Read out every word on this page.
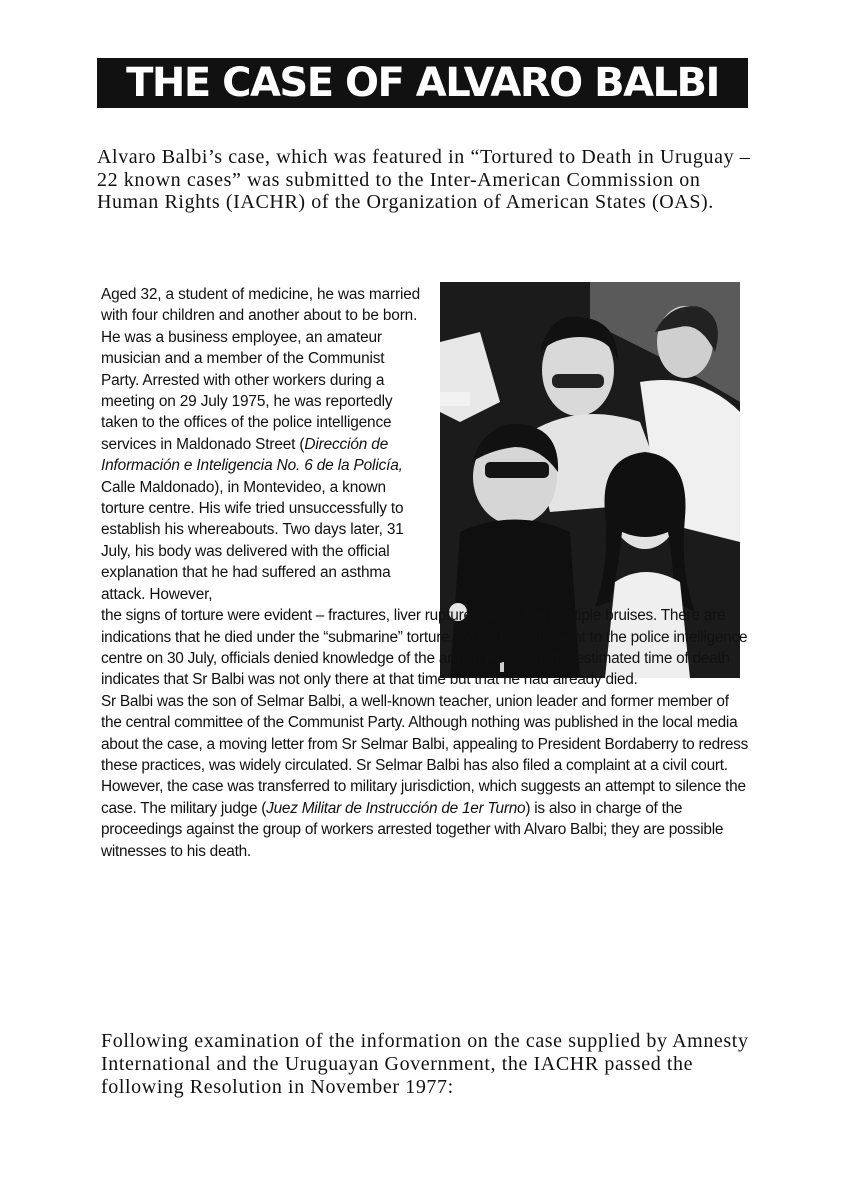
THE CASE OF ALVARO BALBI
Alvaro Balbi’s case, which was featured in “Tortured to Death in Uruguay – 22 known cases” was submitted to the Inter-American Commission on Human Rights (IACHR) of the Organization of American States (OAS).

Aged 32, a student of medicine, he was married with four children and another about to be born. He was a business employee, an amateur musician and a member of the Communist Party. Arrested with other workers during a meeting on 29 July 1975, he was reportedly taken to the offices of the police intelligence services in Maldonado Street (Dirección de Información e Inteligencia No. 6 de la Policía, Calle Maldonado), in Montevideo, a known torture centre. His wife tried unsuccessfully to establish his whereabouts. Two days later, 31 July, his body was delivered with the official explanation that he had suffered an asthma attack. However,

the signs of torture were evident – fractures, liver rupture, burns and multiple bruises. There are indications that he died under the “submarine” torture. When his wife went to the police intelligence centre on 30 July, officials denied knowledge of the arrest. However, the estimated time of death indicates that Sr Balbi was not only there at that time but that he had already died.

Sr Balbi was the son of Selmar Balbi, a well-known teacher, union leader and former member of the central committee of the Communist Party. Although nothing was published in the local media about the case, a moving letter from Sr Selmar Balbi, appealing to President Bordaberry to redress these practices, was widely circulated. Sr Selmar Balbi has also filed a complaint at a civil court. However, the case was transferred to military jurisdiction, which suggests an attempt to silence the case. The military judge (Juez Militar de Instrucción de 1er Turno) is also in charge of the proceedings against the group of workers arrested together with Alvaro Balbi; they are possible witnesses to his death.

Following examination of the information on the case supplied by Amnesty International and the Uruguayan Government, the IACHR passed the following Resolution in November 1977:
